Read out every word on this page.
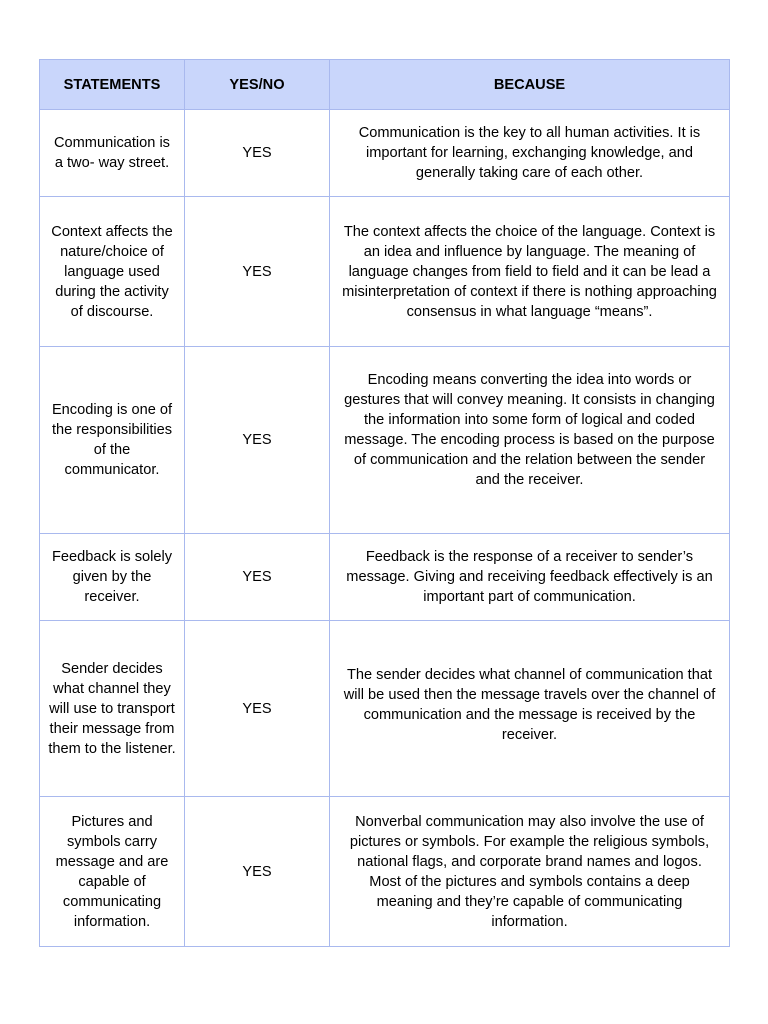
STATEMENTS	YES/NO	BECAUSE
Communication is a two- way street.	YES	Communication is the key to all human activities. It is important for learning, exchanging knowledge, and generally taking care of each other.
Context affects the nature/choice of language used during the activity of discourse.	YES	The context affects the choice of the language. Context is an idea and influence by language. The meaning of language changes from field to field and it can be lead a misinterpretation of context if there is nothing approaching consensus in what language “means”.
Encoding is one of the responsibilities of the communicator.	YES	Encoding means converting the idea into words or gestures that will convey meaning. It consists in changing the information into some form of logical and coded message. The encoding process is based on the purpose of communication and the relation between the sender and the receiver.
Feedback is solely given by the receiver.	YES	Feedback is the response of a receiver to sender’s message. Giving and receiving feedback effectively is an important part of communication.
Sender decides what channel they will use to transport their message from them to the listener.	YES	The sender decides what channel of communication that will be used then the message travels over the channel of communication and the message is received by the receiver.
Pictures and symbols carry message and are capable of communicating information.	YES	Nonverbal communication may also involve the use of pictures or symbols. For example the religious symbols, national flags, and corporate brand names and logos. Most of the pictures and symbols contains a deep meaning and they’re capable of communicating information.
